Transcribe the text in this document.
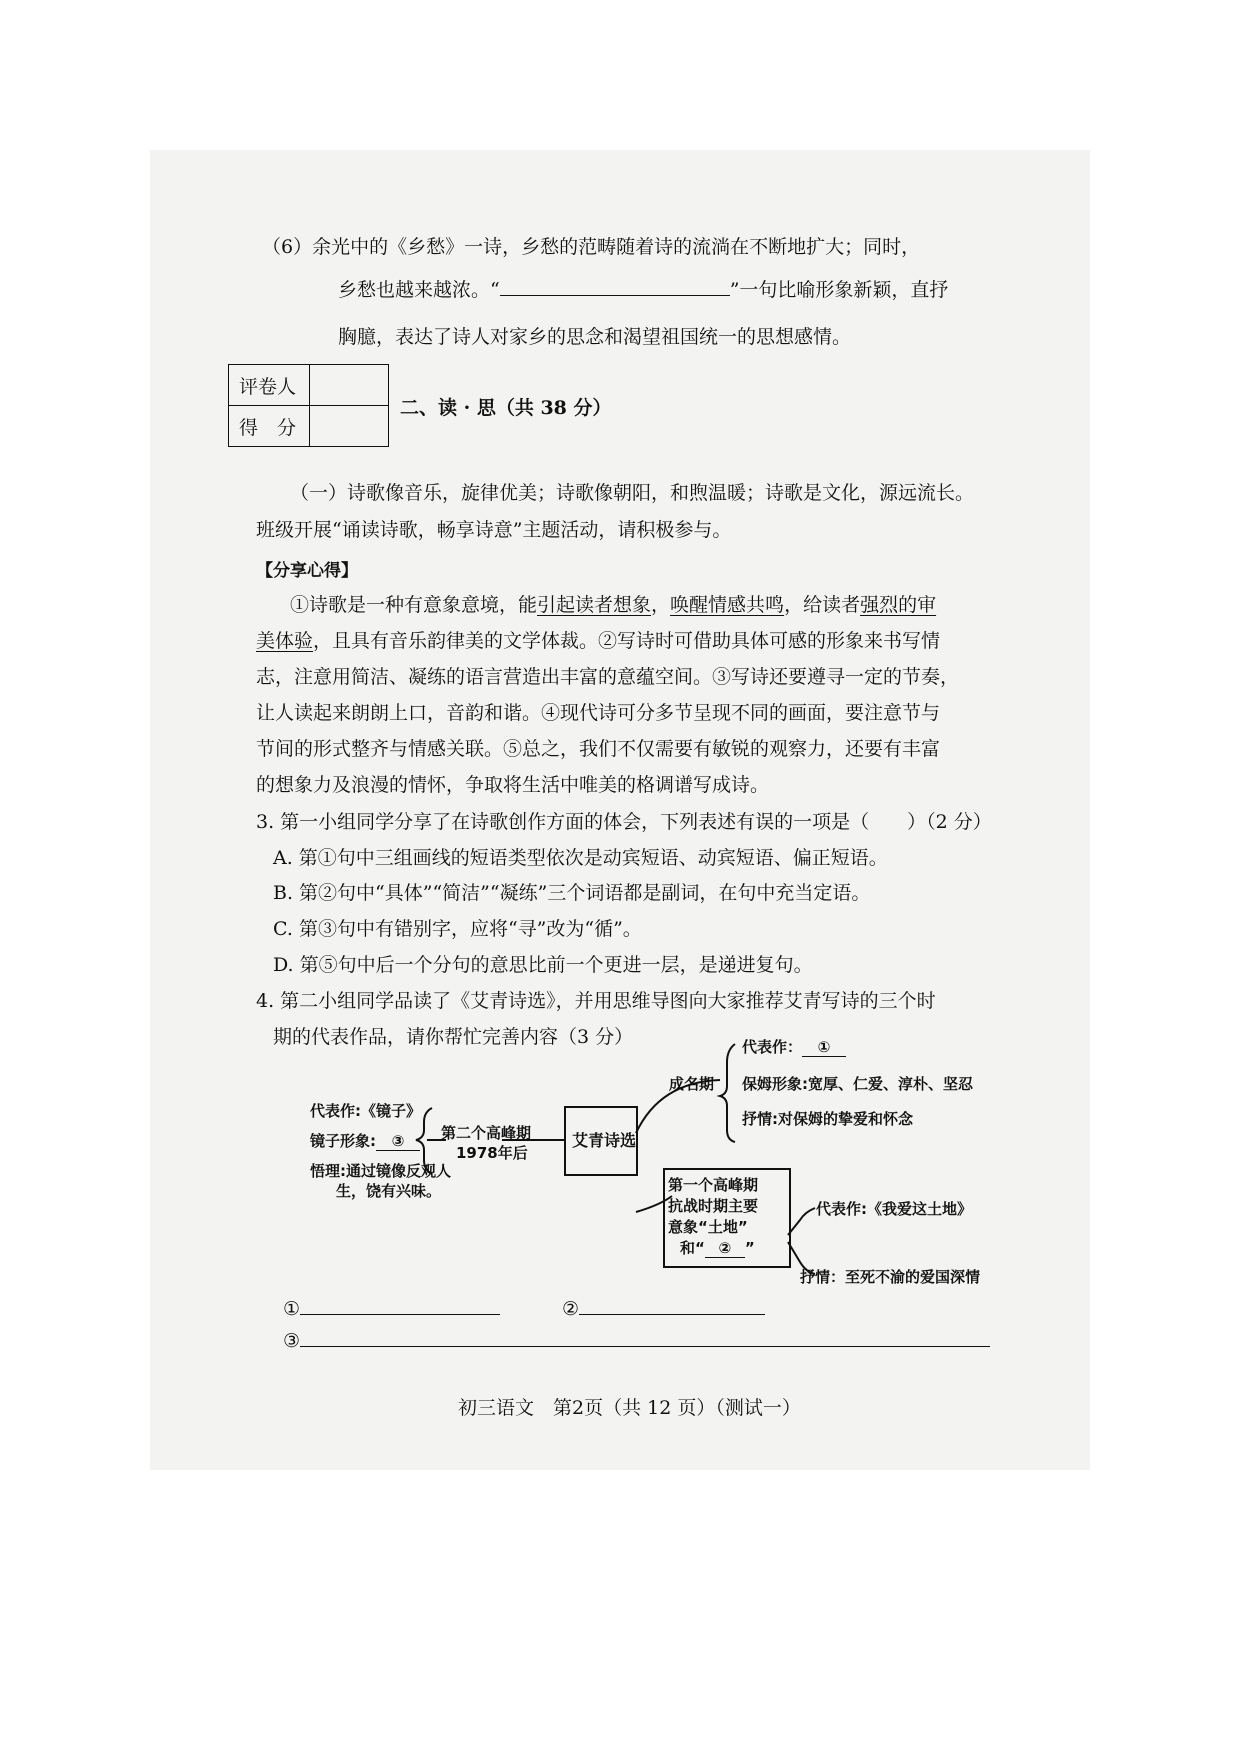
（6）余光中的《乡愁》一诗，乡愁的范畴随着诗的流淌在不断地扩大；同时，
乡愁也越来越浓。“	”一句比喻形象新颖，直抒
胸臆，表达了诗人对家乡的思念和渴望祖国统一的思想感情。
评卷人	
得　分	
二、读 · 思（共 38 分）
（一）诗歌像音乐，旋律优美；诗歌像朝阳，和煦温暖；诗歌是文化，源远流长。
班级开展“诵读诗歌，畅享诗意”主题活动，请积极参与。
【分享心得】
①诗歌是一种有意象意境，能引起读者想象，唤醒情感共鸣，给读者强烈的审
美体验，且具有音乐韵律美的文学体裁。②写诗时可借助具体可感的形象来书写情
志，注意用简洁、凝练的语言营造出丰富的意蕴空间。③写诗还要遵寻一定的节奏，
让人读起来朗朗上口，音韵和谐。④现代诗可分多节呈现不同的画面，要注意节与
节间的形式整齐与情感关联。⑤总之，我们不仅需要有敏锐的观察力，还要有丰富
的想象力及浪漫的情怀，争取将生活中唯美的格调谱写成诗。
3. 第一小组同学分享了在诗歌创作方面的体会，下列表述有误的一项是（　　）（2 分）
A. 第①句中三组画线的短语类型依次是动宾短语、动宾短语、偏正短语。
B. 第②句中“具体”“简洁”“凝练”三个词语都是副词，在句中充当定语。
C. 第③句中有错别字，应将“寻”改为“循”。
D. 第⑤句中后一个分句的意思比前一个更进一层，是递进复句。
4. 第二小组同学品读了《艾青诗选》，并用思维导图向大家推荐艾青写诗的三个时
期的代表作品，请你帮忙完善内容（3 分）
艾青诗选
成名期
代表作： ①
保姆形象:宽厚、仁爱、淳朴、坚忍
抒情:对保姆的挚爱和怀念
第二个高峰期
1978年后
代表作:《镜子》
镜子形象: ③
悟理:通过镜像反观人
生，饶有兴味。	第一个高峰期
抗战时期主要
意象“土地”
和“ ② ”
代表作:《我爱这土地》
抒情：至死不渝的爱国深情
①	②
③
初三语文　第2页（共 12 页）（测试一）
